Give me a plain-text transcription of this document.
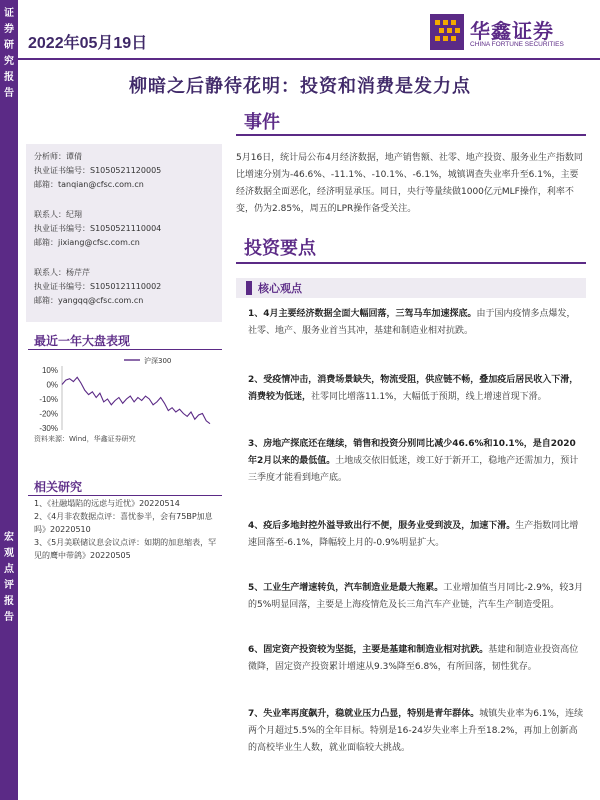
证
券
研
究
报
告
宏
观
点
评
报
告
2022年05月19日
华鑫证券
CHINA FORTUNE SECURITIES
柳暗之后静待花明：投资和消费是发力点
事件
分析师：谭倩
执业证书编号：S1050521120005
邮箱：tanqian@cfsc.com.cn
联系人：纪翔
执业证书编号：S1050521110004
邮箱：jixiang@cfsc.com.cn
联系人：杨芹芹
执业证书编号：S1050121110002
邮箱：yangqq@cfsc.com.cn
最近一年大盘表现
10%
0%
-10%
-20%
-30%
沪深300
资料来源：Wind，华鑫证券研究
相关研究
1、《社融塌陷的远虑与近忧》20220514
2、《4月非农数据点评：喜忧参半，会有75BP加息吗》20220510
3、《5月美联储议息会议点评：如期的加息缩表，罕见的鹰中带鸽》20220505
5月16日，统计局公布4月经济数据，地产销售额、社零、地产投资、服务业生产指数同比增速分别为-46.6%、-11.1%、-10.1%、-6.1%，城镇调查失业率升至6.1%，主要经济数据全面恶化，经济明显承压。同日，央行等量续做1000亿元MLF操作，利率不变，仍为2.85%，周五的LPR操作备受关注。
投资要点
核心观点
1、4月主要经济数据全面大幅回落，三驾马车加速探底。由于国内疫情多点爆发，社零、地产、服务业首当其冲，基建和制造业相对抗跌。
2、受疫情冲击，消费场景缺失，物流受阻，供应链不畅，叠加疫后居民收入下滑，消费较为低迷，社零同比增落11.1%，大幅低于预期，线上增速首现下滑。
3、房地产探底还在继续，销售和投资分别同比减少46.6%和10.1%，是自2020年2月以来的最低值。土地成交依旧低迷，竣工好于新开工，稳地产还需加力，预计三季度才能看到地产底。
4、疫后多地封控外溢导致出行不便，服务业受到波及，加速下滑。生产指数同比增速回落至-6.1%，降幅较上月的-0.9%明显扩大。
5、工业生产增速转负，汽车制造业是最大拖累。工业增加值当月同比-2.9%，较3月的5%明显回落，主要是上海疫情危及长三角汽车产业链，汽车生产制造受阻。
6、固定资产投资较为坚挺，主要是基建和制造业相对抗跌。基建和制造业投资高位微降，固定资产投资累计增速从9.3%降至6.8%，有所回落，韧性犹存。
7、失业率再度飙升，稳就业压力凸显，特别是青年群体。城镇失业率为6.1%，连续两个月超过5.5%的全年目标。特别是16-24岁失业率上升至18.2%，再加上创新高的高校毕业生人数，就业面临较大挑战。
